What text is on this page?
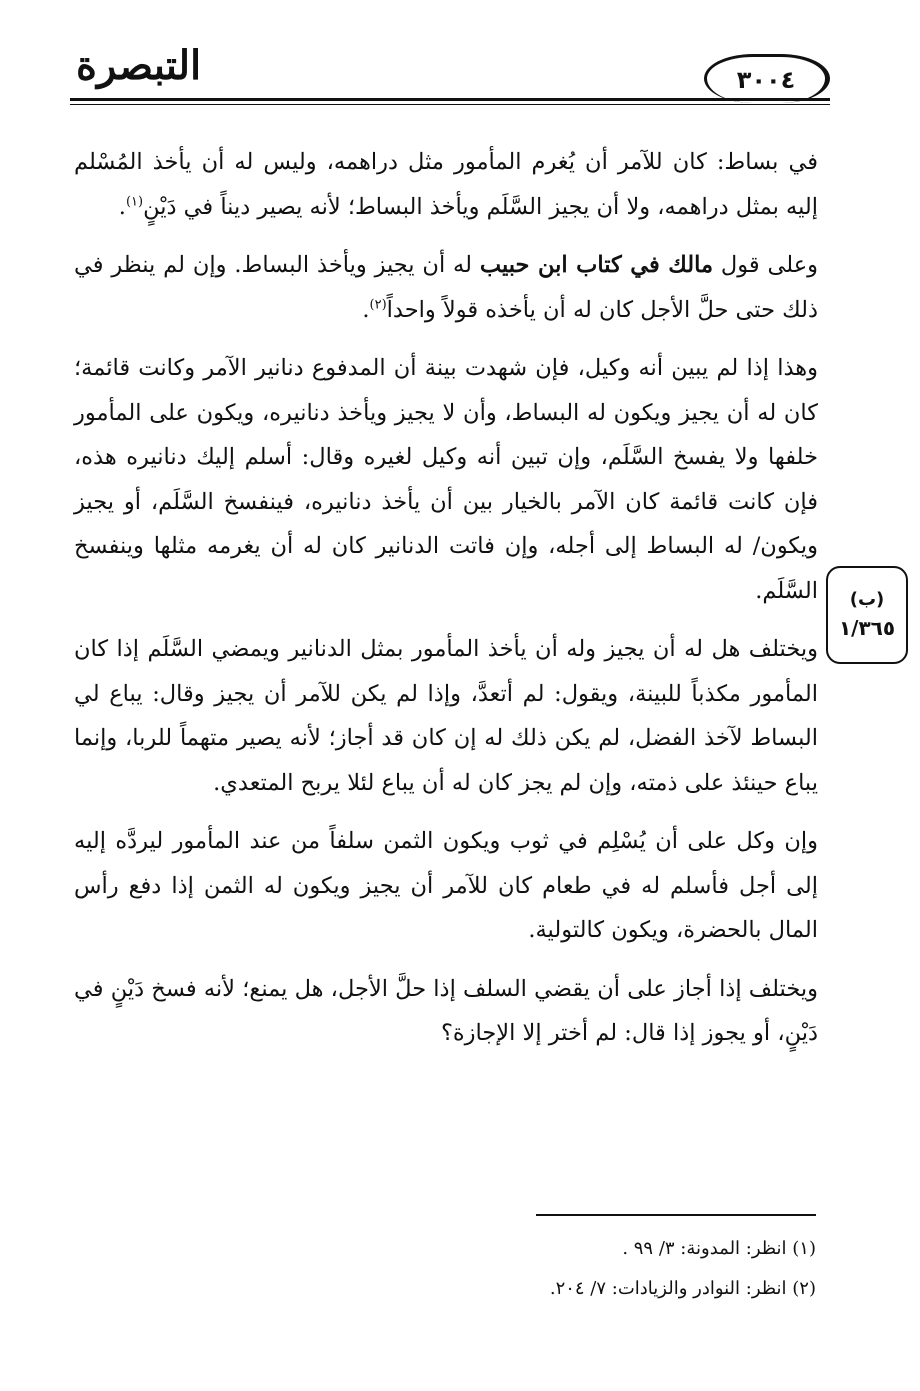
التبصرة	٣٠٠٤
(ب)
١/٣٦٥

في بساط: كان للآمر أن يُغرم المأمور مثل دراهمه، وليس له أن يأخذ المُسْلم إليه بمثل دراهمه، ولا أن يجيز السَّلَم ويأخذ البساط؛ لأنه يصير ديناً في دَيْنٍ$^{(١)}$.

وعلى قول مالك في كتاب ابن حبيب له أن يجيز ويأخذ البساط. وإن لم ينظر في ذلك حتى حلَّ الأجل كان له أن يأخذه قولاً واحداً$^{(٢)}$.

وهذا إذا لم يبين أنه وكيل، فإن شهدت بينة أن المدفوع دنانير الآمر وكانت قائمة؛ كان له أن يجيز ويكون له البساط، وأن لا يجيز ويأخذ دنانيره، ويكون على المأمور خلفها ولا يفسخ السَّلَم، وإن تبين أنه وكيل لغيره وقال: أسلم إليك دنانيره هذه، فإن كانت قائمة كان الآمر بالخيار بين أن يأخذ دنانيره، فينفسخ السَّلَم، أو يجيز ويكون/ له البساط إلى أجله، وإن فاتت الدنانير كان له أن يغرمه مثلها وينفسخ السَّلَم.

ويختلف هل له أن يجيز وله أن يأخذ المأمور بمثل الدنانير ويمضي السَّلَم إذا كان المأمور مكذباً للبينة، ويقول: لم أتعدَّ، وإذا لم يكن للآمر أن يجيز وقال: يباع لي البساط لآخذ الفضل، لم يكن ذلك له إن كان قد أجاز؛ لأنه يصير متهماً للربا، وإنما يباع حينئذ على ذمته، وإن لم يجز كان له أن يباع لئلا يربح المتعدي.

وإن وكل على أن يُسْلِم في ثوب ويكون الثمن سلفاً من عند المأمور ليردَّه إليه إلى أجل فأسلم له في طعام كان للآمر أن يجيز ويكون له الثمن إذا دفع رأس المال بالحضرة، ويكون كالتولية.

ويختلف إذا أجاز على أن يقضي السلف إذا حلَّ الأجل، هل يمنع؛ لأنه فسخ دَيْنٍ في دَيْنٍ، أو يجوز إذا قال: لم أختر إلا الإجازة؟

(١) انظر: المدونة: ٣/ ٩٩ .

(٢) انظر: النوادر والزيادات: ٧/ ٢٠٤.
